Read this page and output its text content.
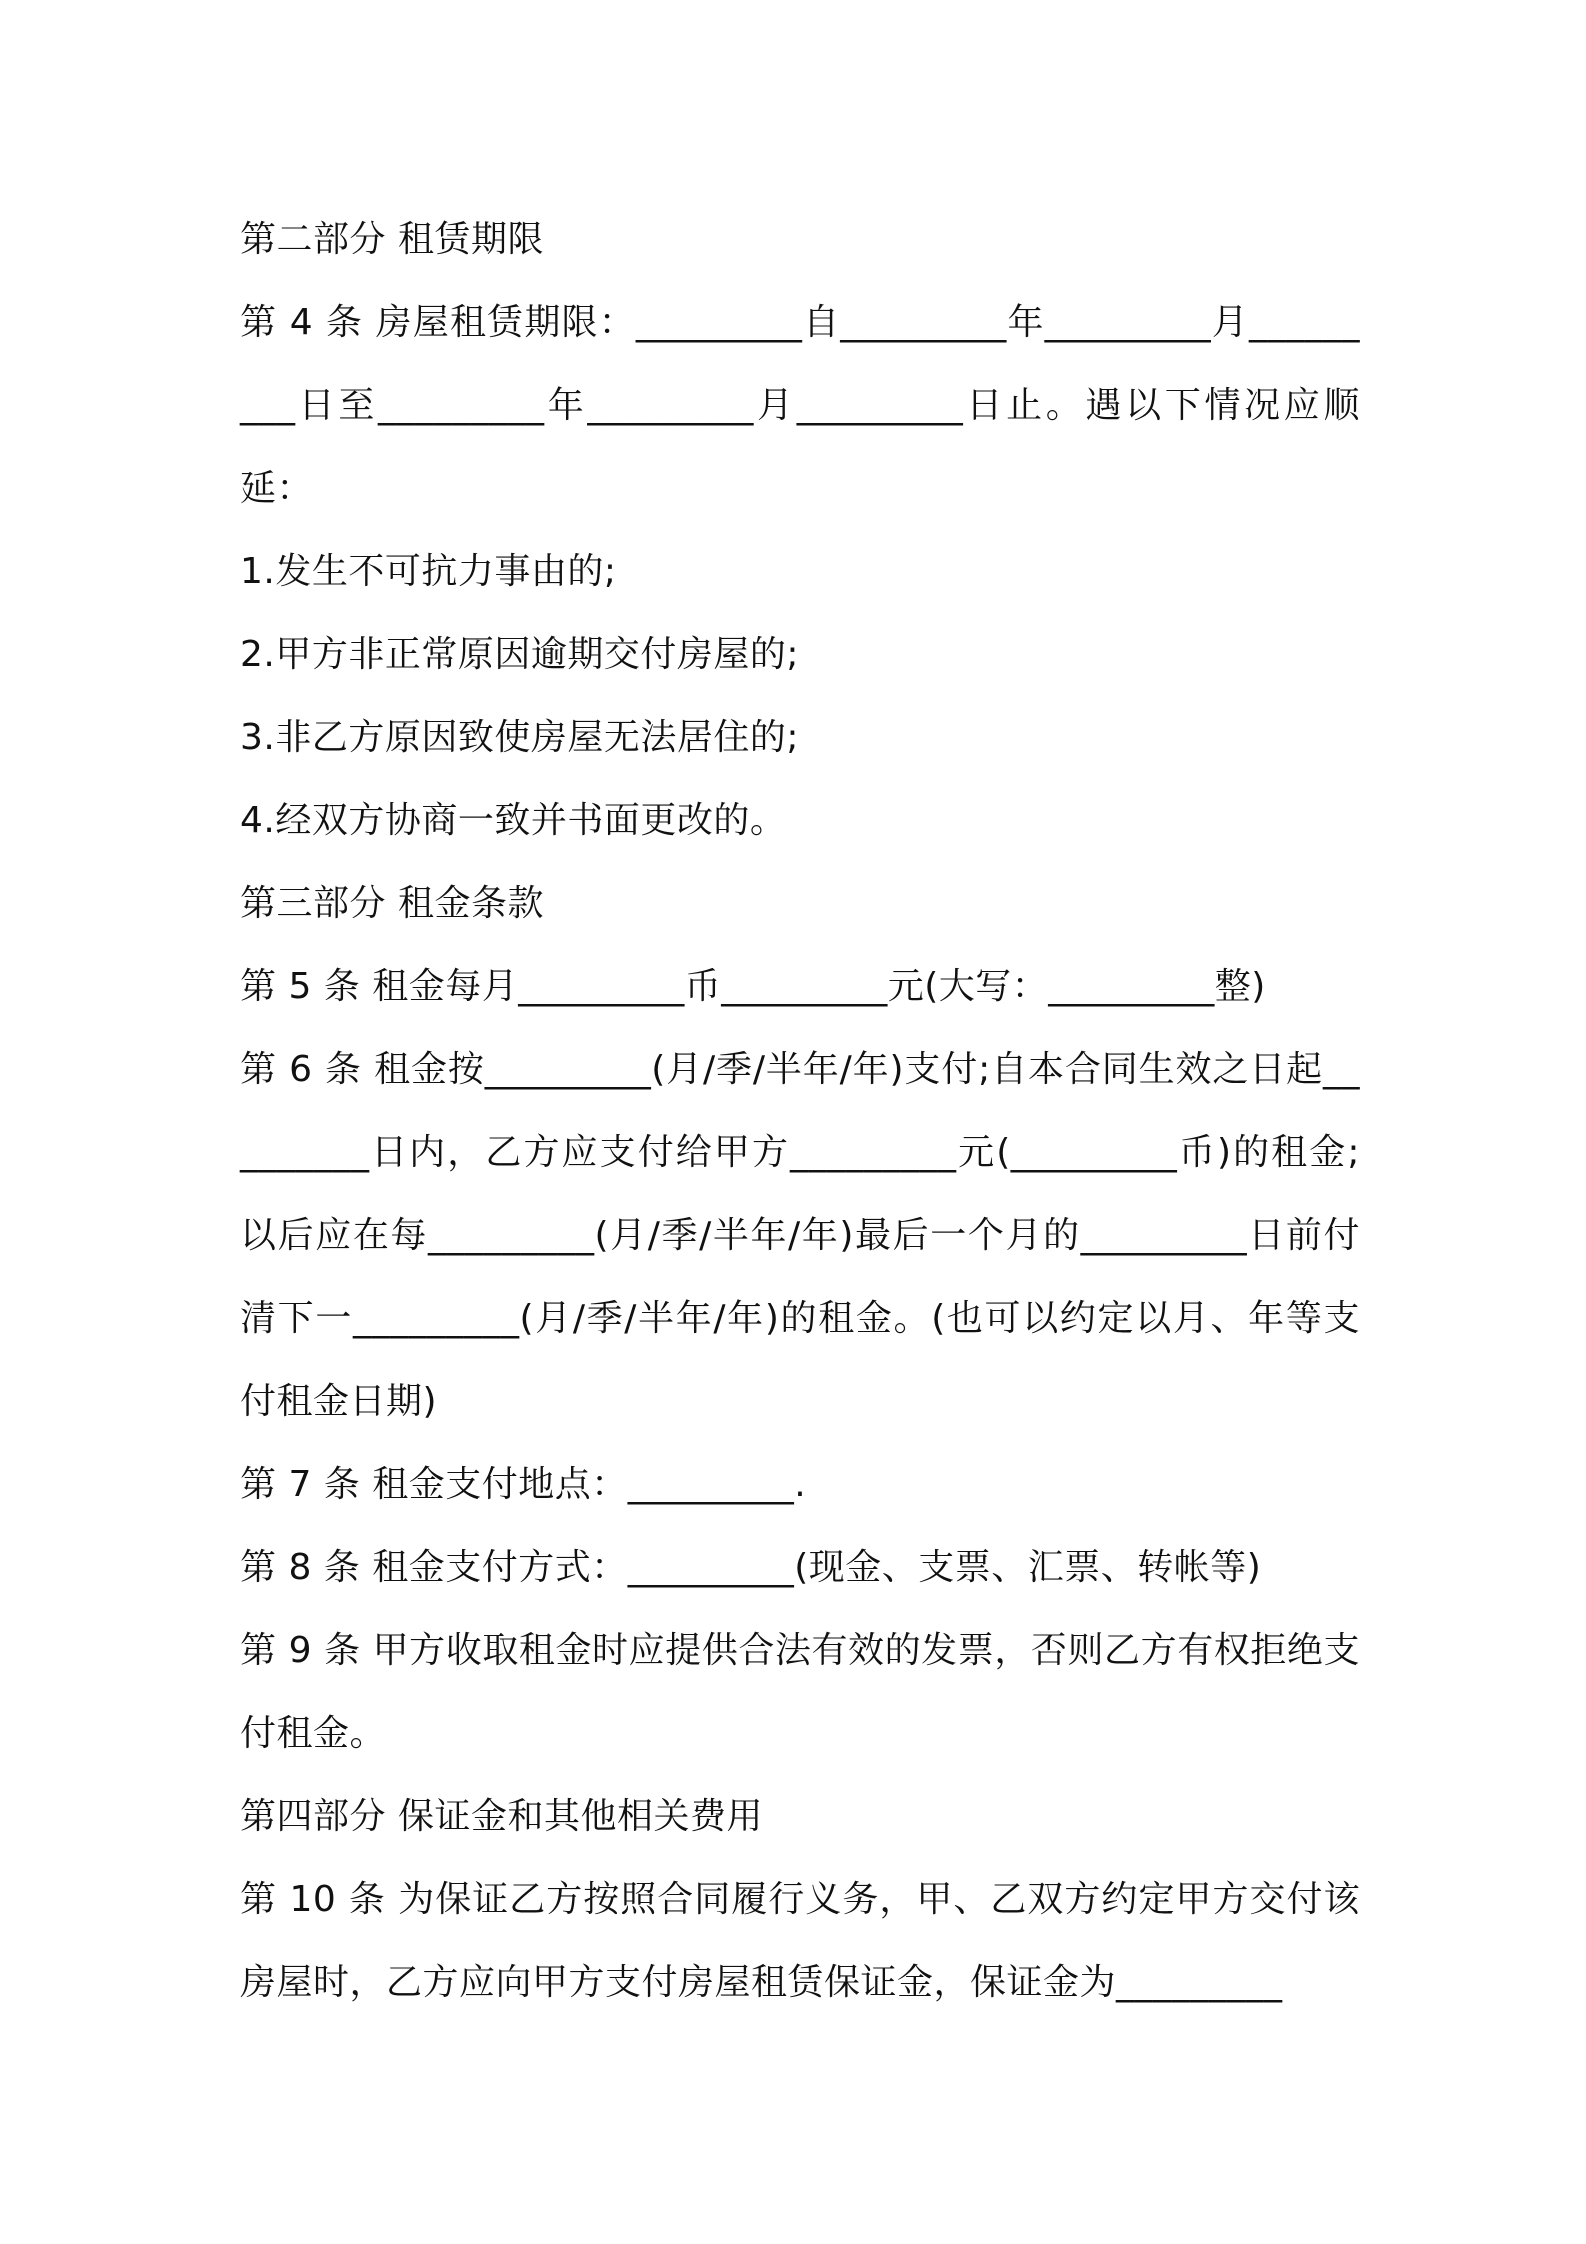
第二部分 租赁期限

第 4 条 房屋租赁期限：_________自_________年_________月_________日至_________年_________月_________日止。遇以下情况应顺延：

1.发生不可抗力事由的;

2.甲方非正常原因逾期交付房屋的;

3.非乙方原因致使房屋无法居住的;

4.经双方协商一致并书面更改的。

第三部分 租金条款

第 5 条 租金每月_________币_________元(大写：_________整)

第 6 条 租金按_________(月/季/半年/年)支付;自本合同生效之日起_________日内，乙方应支付给甲方_________元(_________币)的租金;以后应在每_________(月/季/半年/年)最后一个月的_________日前付清下一_________(月/季/半年/年)的租金。(也可以约定以月、年等支付租金日期)

第 7 条 租金支付地点：_________.

第 8 条 租金支付方式：_________(现金、支票、汇票、转帐等)

第 9 条 甲方收取租金时应提供合法有效的发票，否则乙方有权拒绝支付租金。

第四部分 保证金和其他相关费用

第 10 条 为保证乙方按照合同履行义务，甲、乙双方约定甲方交付该房屋时，乙方应向甲方支付房屋租赁保证金，保证金为_________
